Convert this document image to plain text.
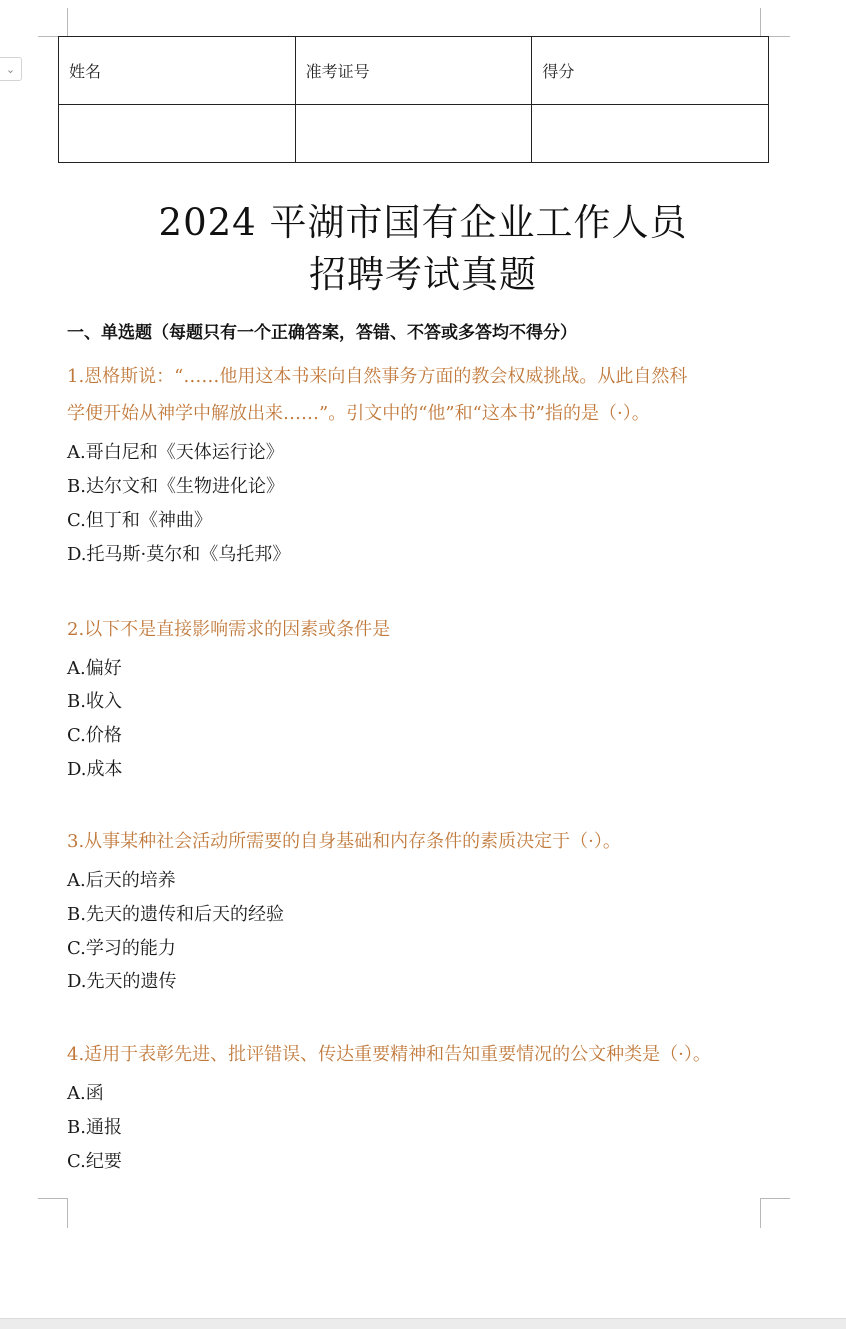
⌄	姓名	准考证号	得分

2024 平湖市国有企业工作人员
招聘考试真题
一、单选题（每题只有一个正确答案，答错、不答或多答均不得分）
1.恩格斯说：“……他用这本书来向自然事务方面的教会权威挑战。从此自然科
学便开始从神学中解放出来……”。引文中的“他”和“这本书”指的是（·）。
A.哥白尼和《天体运行论》
B.达尔文和《生物进化论》
C.但丁和《神曲》
D.托马斯·莫尔和《乌托邦》
2.以下不是直接影响需求的因素或条件是
A.偏好
B.收入
C.价格
D.成本
3.从事某种社会活动所需要的自身基础和内存条件的素质决定于（·）。
A.后天的培养
B.先天的遗传和后天的经验
C.学习的能力
D.先天的遗传
4.适用于表彰先进、批评错误、传达重要精神和告知重要情况的公文种类是（·）。
A.函
B.通报
C.纪要
